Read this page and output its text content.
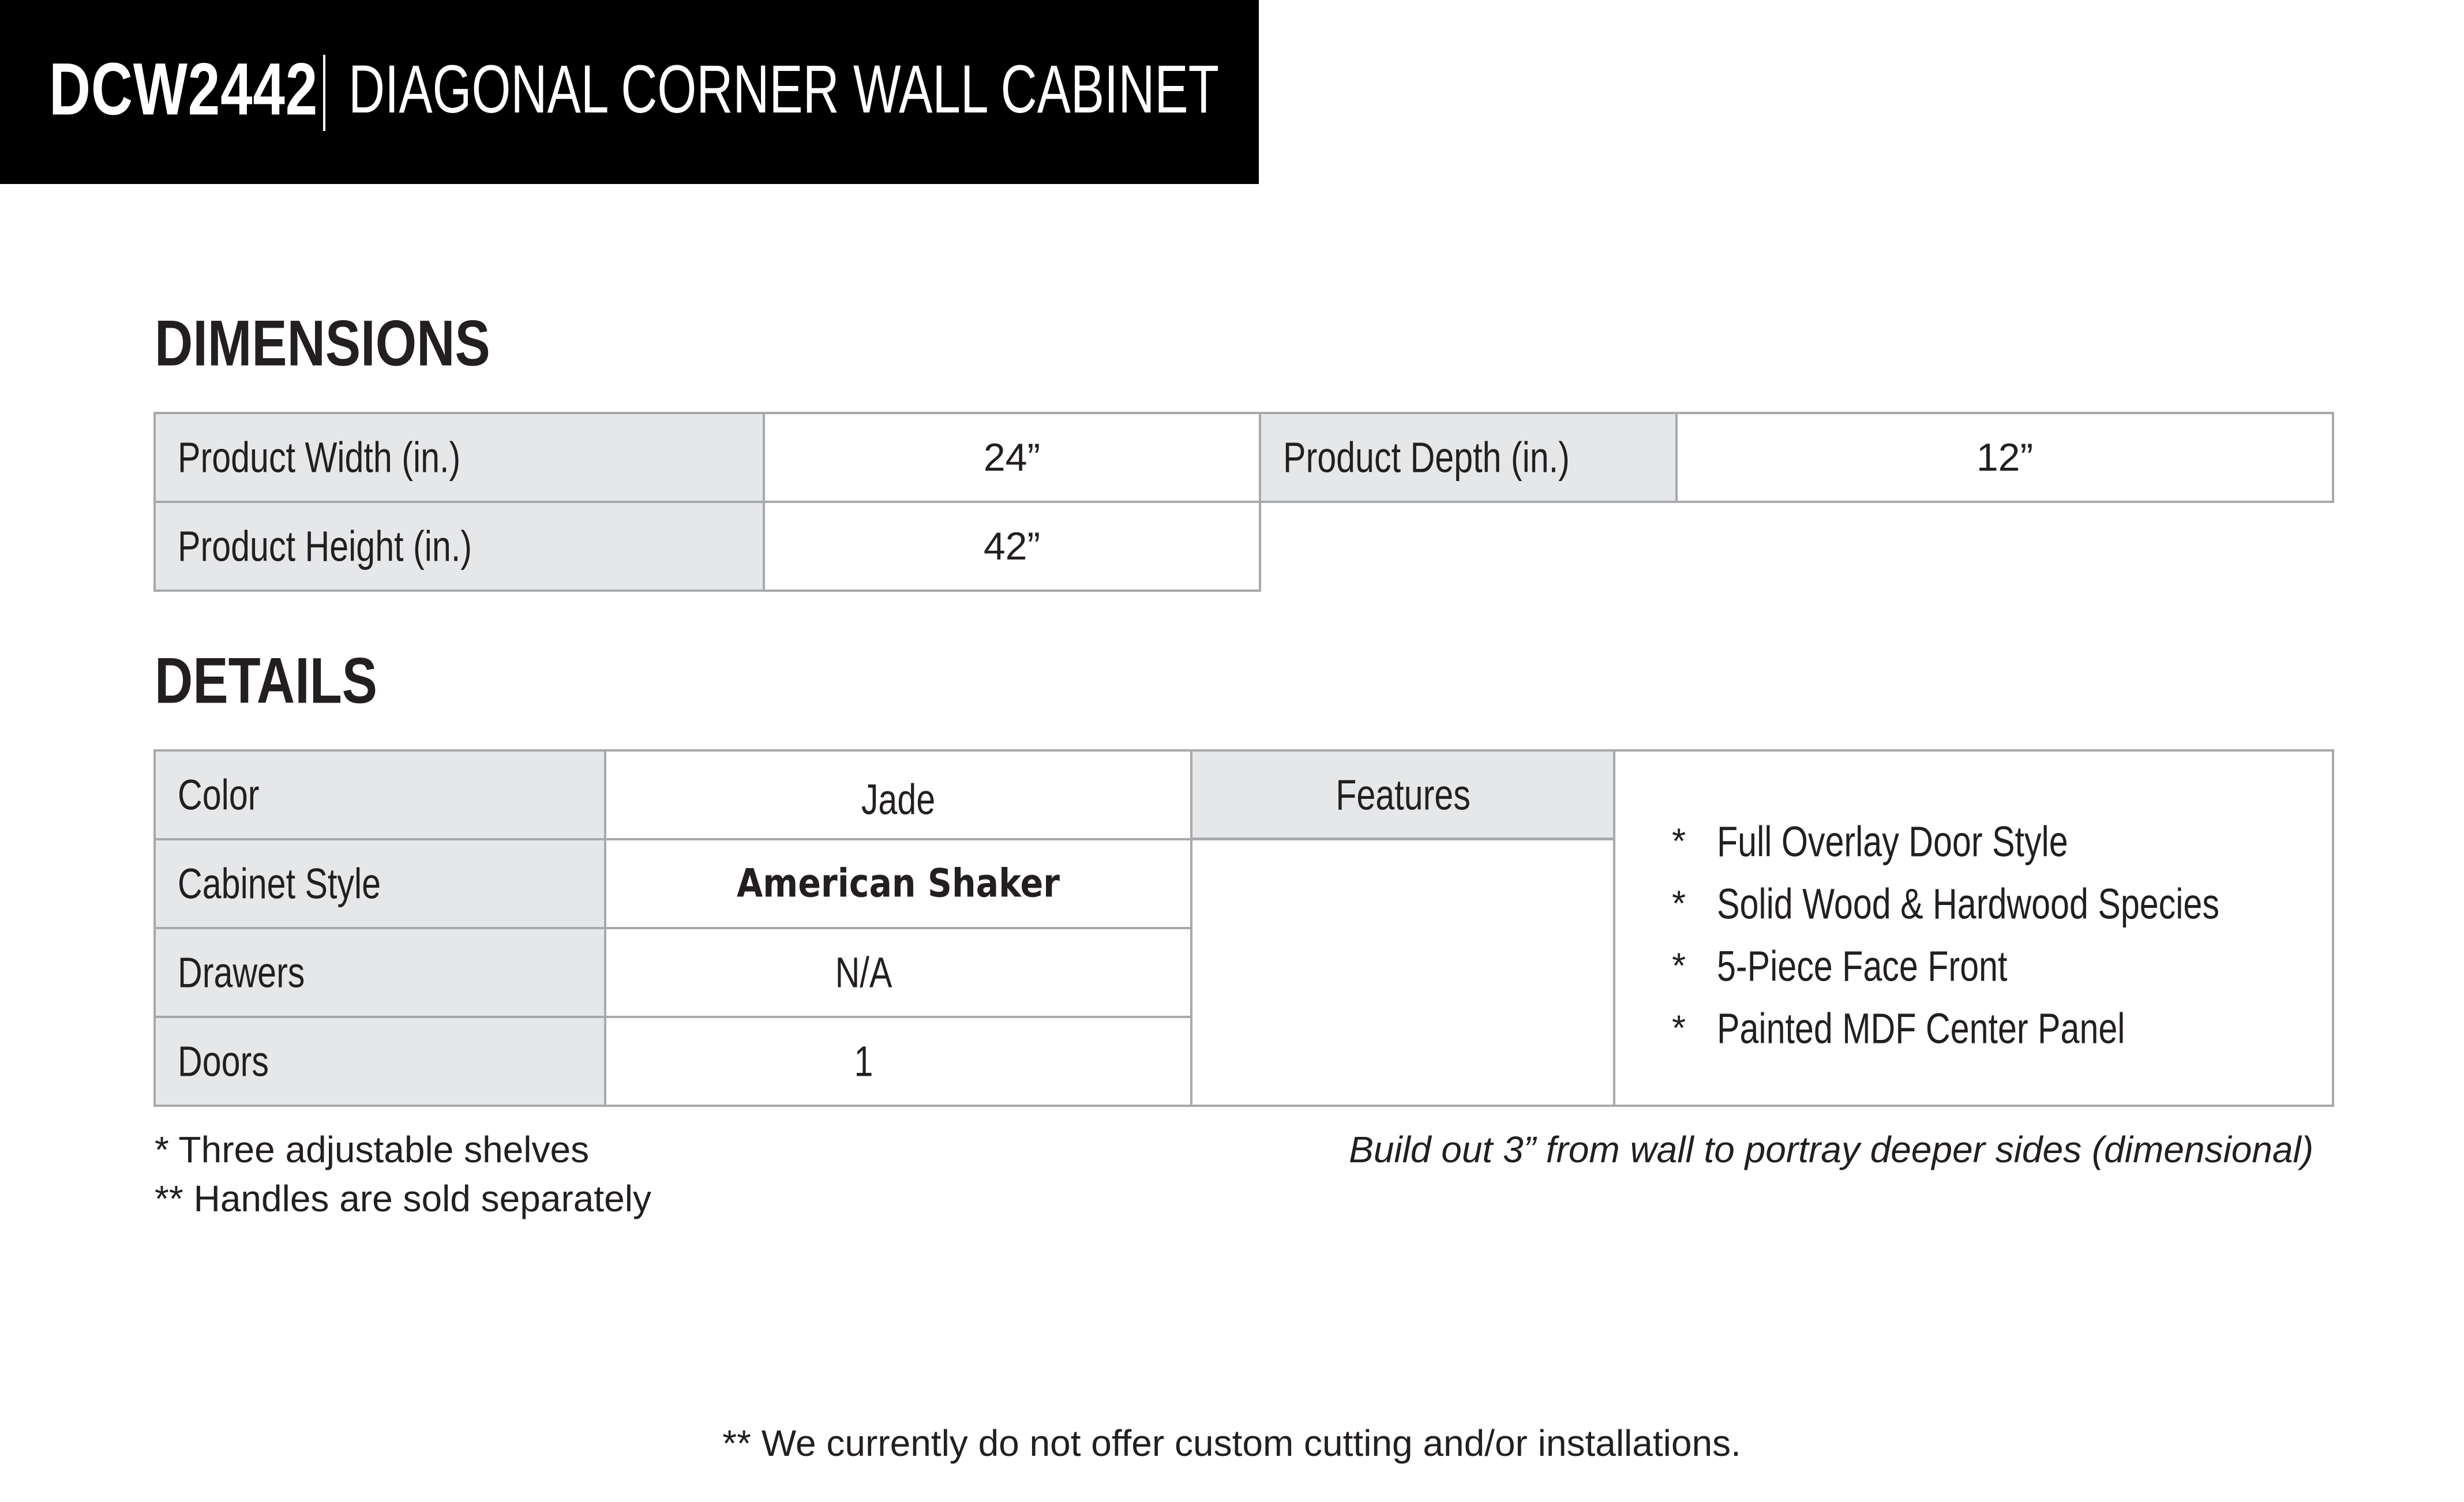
DCW2442 DIAGONAL CORNER WALL CABINET
DIMENSIONS
Product Width (in.)	24”	Product Depth (in.)	12”
Product Height (in.)	42”
DETAILS
Color	Jade
Cabinet Style	American Shaker
Drawers	N/A
Doors	1
Features
* Full Overlay Door Style
* Solid Wood & Hardwood Species
* 5-Piece Face Front
* Painted MDF Center Panel
* Three adjustable shelves
** Handles are sold separately
Build out 3” from wall to portray deeper sides (dimensional)
** We currently do not offer custom cutting and/or installations.
